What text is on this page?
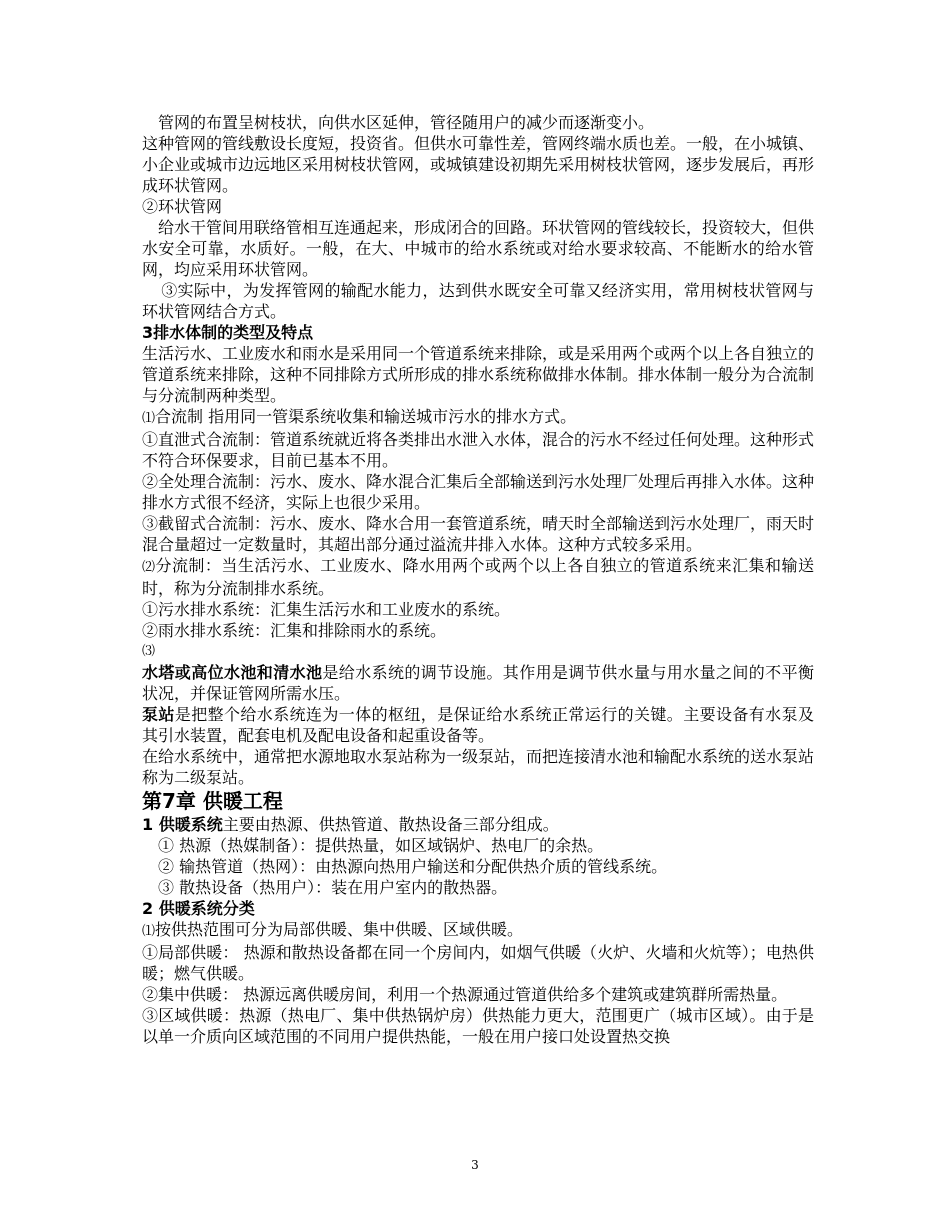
管网的布置呈树枝状，向供水区延伸，管径随用户的减少而逐渐变小。

这种管网的管线敷设长度短，投资省。但供水可靠性差，管网终端水质也差。一般，在小城镇、小企业或城市边远地区采用树枝状管网，或城镇建设初期先采用树枝状管网，逐步发展后，再形成环状管网。

②环状管网

给水干管间用联络管相互连通起来，形成闭合的回路。环状管网的管线较长，投资较大，但供水安全可靠，水质好。一般，在大、中城市的给水系统或对给水要求较高、不能断水的给水管网，均应采用环状管网。

③实际中，为发挥管网的输配水能力，达到供水既安全可靠又经济实用，常用树枝状管网与环状管网结合方式。

3排水体制的类型及特点

生活污水、工业废水和雨水是采用同一个管道系统来排除，或是采用两个或两个以上各自独立的管道系统来排除，这种不同排除方式所形成的排水系统称做排水体制。排水体制一般分为合流制与分流制两种类型。

⑴合流制 指用同一管渠系统收集和输送城市污水的排水方式。

①直泄式合流制：管道系统就近将各类排出水泄入水体，混合的污水不经过任何处理。这种形式不符合环保要求，目前已基本不用。

②全处理合流制：污水、废水、降水混合汇集后全部输送到污水处理厂处理后再排入水体。这种排水方式很不经济，实际上也很少采用。

③截留式合流制：污水、废水、降水合用一套管道系统，晴天时全部输送到污水处理厂，雨天时混合量超过一定数量时，其超出部分通过溢流井排入水体。这种方式较多采用。

⑵分流制：当生活污水、工业废水、降水用两个或两个以上各自独立的管道系统来汇集和输送时，称为分流制排水系统。

①污水排水系统：汇集生活污水和工业废水的系统。

②雨水排水系统：汇集和排除雨水的系统。

⑶

水塔或高位水池和清水池是给水系统的调节设施。其作用是调节供水量与用水量之间的不平衡状况，并保证管网所需水压。

泵站是把整个给水系统连为一体的枢纽，是保证给水系统正常运行的关键。主要设备有水泵及其引水装置，配套电机及配电设备和起重设备等。

在给水系统中，通常把水源地取水泵站称为一级泵站，而把连接清水池和输配水系统的送水泵站称为二级泵站。

第7章 供暖工程

1 供暖系统主要由热源、供热管道、散热设备三部分组成。

① 热源（热媒制备）：提供热量，如区域锅炉、热电厂的余热。

② 输热管道（热网）：由热源向热用户输送和分配供热介质的管线系统。

③ 散热设备（热用户）：装在用户室内的散热器。

2 供暖系统分类

⑴按供热范围可分为局部供暖、集中供暖、区域供暖。

①局部供暖： 热源和散热设备都在同一个房间内，如烟气供暖（火炉、火墙和火炕等）；电热供暖；燃气供暖。

②集中供暖： 热源远离供暖房间，利用一个热源通过管道供给多个建筑或建筑群所需热量。

③区域供暖：热源（热电厂、集中供热锅炉房）供热能力更大，范围更广（城市区域）。由于是以单一介质向区域范围的不同用户提供热能，一般在用户接口处设置热交换

3
